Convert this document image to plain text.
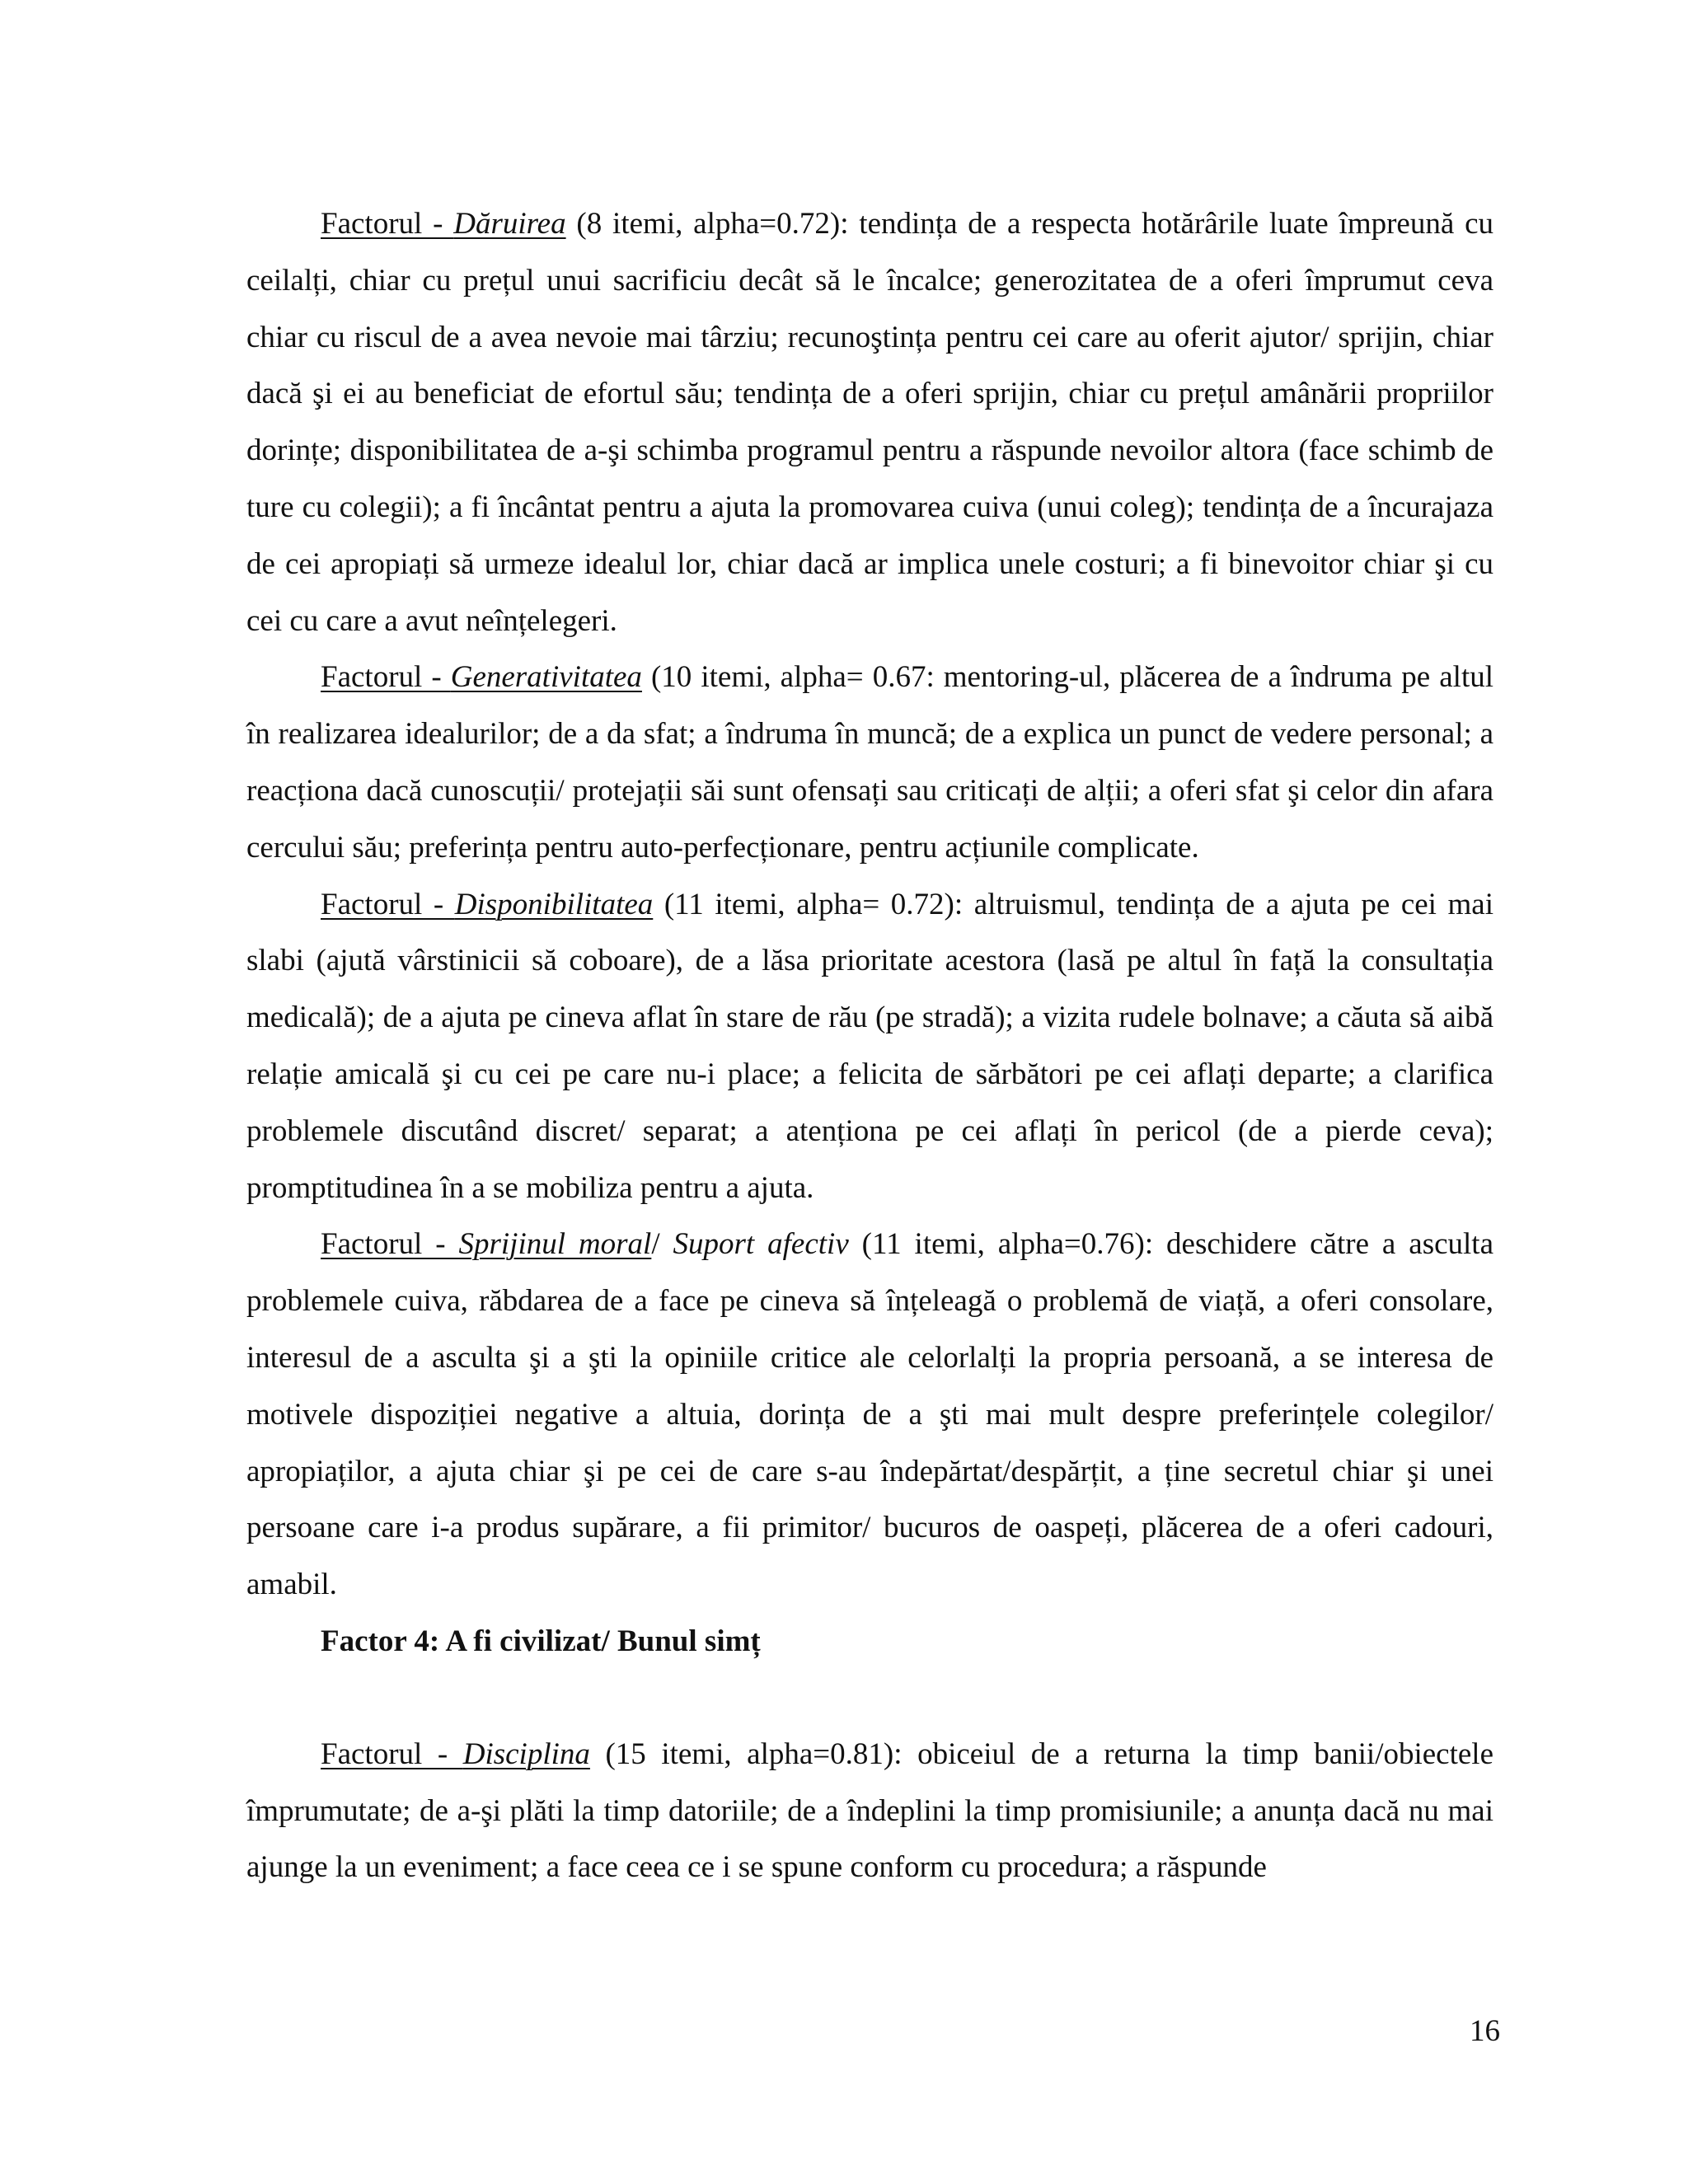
Factorul - Dăruirea (8 itemi, alpha=0.72): tendința de a respecta hotărârile luate împreună cu ceilalți, chiar cu prețul unui sacrificiu decât să le încalce; generozitatea de a oferi împrumut ceva chiar cu riscul de a avea nevoie mai târziu; recunoştința pentru cei care au oferit ajutor/ sprijin, chiar dacă şi ei au beneficiat de efortul său; tendința de a oferi sprijin, chiar cu prețul amânării propriilor dorințe; disponibilitatea de a-şi schimba programul pentru a răspunde nevoilor altora (face schimb de ture cu colegii); a fi încântat pentru a ajuta la promovarea cuiva (unui coleg); tendința de a încurajaza de cei apropiați să urmeze idealul lor, chiar dacă ar implica unele costuri; a fi binevoitor chiar şi cu cei cu care a avut neînțelegeri.

Factorul - Generativitatea (10 itemi, alpha= 0.67: mentoring-ul, plăcerea de a îndruma pe altul în realizarea idealurilor; de a da sfat; a îndruma în muncă; de a explica un punct de vedere personal; a reacționa dacă cunoscuții/ protejații săi sunt ofensați sau criticați de alții; a oferi sfat şi celor din afara cercului său; preferința pentru auto-perfecționare, pentru acțiunile complicate.

Factorul - Disponibilitatea (11 itemi, alpha= 0.72): altruismul, tendința de a ajuta pe cei mai slabi (ajută vârstinicii să coboare), de a lăsa prioritate acestora (lasă pe altul în față la consultația medicală); de a ajuta pe cineva aflat în stare de rău (pe stradă); a vizita rudele bolnave; a căuta să aibă relație amicală şi cu cei pe care nu-i place; a felicita de sărbători pe cei aflați departe; a clarifica problemele discutând discret/ separat; a atenționa pe cei aflați în pericol (de a pierde ceva); promptitudinea în a se mobiliza pentru a ajuta.

Factorul - Sprijinul moral/ Suport afectiv (11 itemi, alpha=0.76): deschidere către a asculta problemele cuiva, răbdarea de a face pe cineva să înțeleagă o problemă de viață, a oferi consolare, interesul de a asculta şi a şti la opiniile critice ale celorlalți la propria persoană, a se interesa de motivele dispoziției negative a altuia, dorința de a şti mai mult despre preferințele colegilor/ apropiaților, a ajuta chiar şi pe cei de care s-au îndepărtat/despărțit, a ține secretul chiar şi unei persoane care i-a produs supărare, a fii primitor/ bucuros de oaspeți, plăcerea de a oferi cadouri, amabil.

Factor 4: A fi civilizat/ Bunul simț

Factorul - Disciplina (15 itemi, alpha=0.81): obiceiul de a returna la timp banii/obiectele împrumutate; de a-şi plăti la timp datoriile; de a îndeplini la timp promisiunile; a anunța dacă nu mai ajunge la un eveniment; a face ceea ce i se spune conform cu procedura; a răspunde

16
